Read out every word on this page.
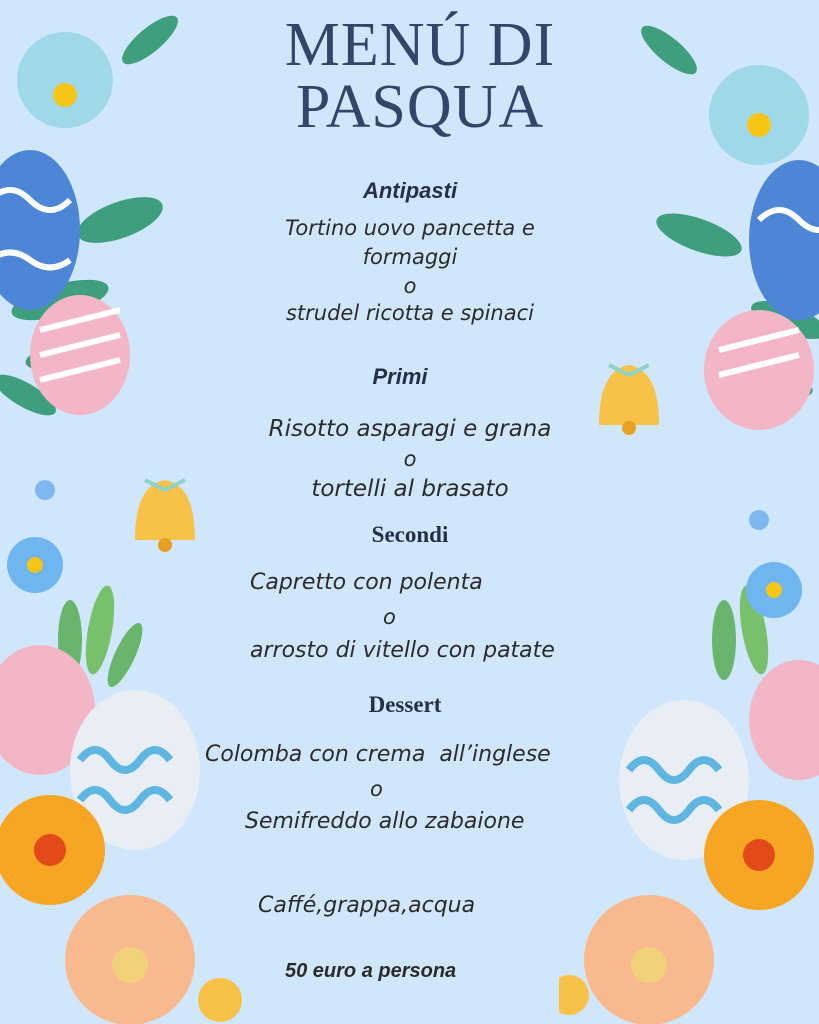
MENÚ DI
PASQUA
Antipasti
Tortino uovo pancetta e
formaggi
o
strudel ricotta e spinaci
Primi
Risotto asparagi e grana
o
tortelli al brasato
Secondi
Capretto con polenta
o
arrosto di vitello con patate
Dessert
Colomba con crema  all’inglese
o
Semifreddo allo zabaione
Caffé,grappa,acqua
50 euro a persona
